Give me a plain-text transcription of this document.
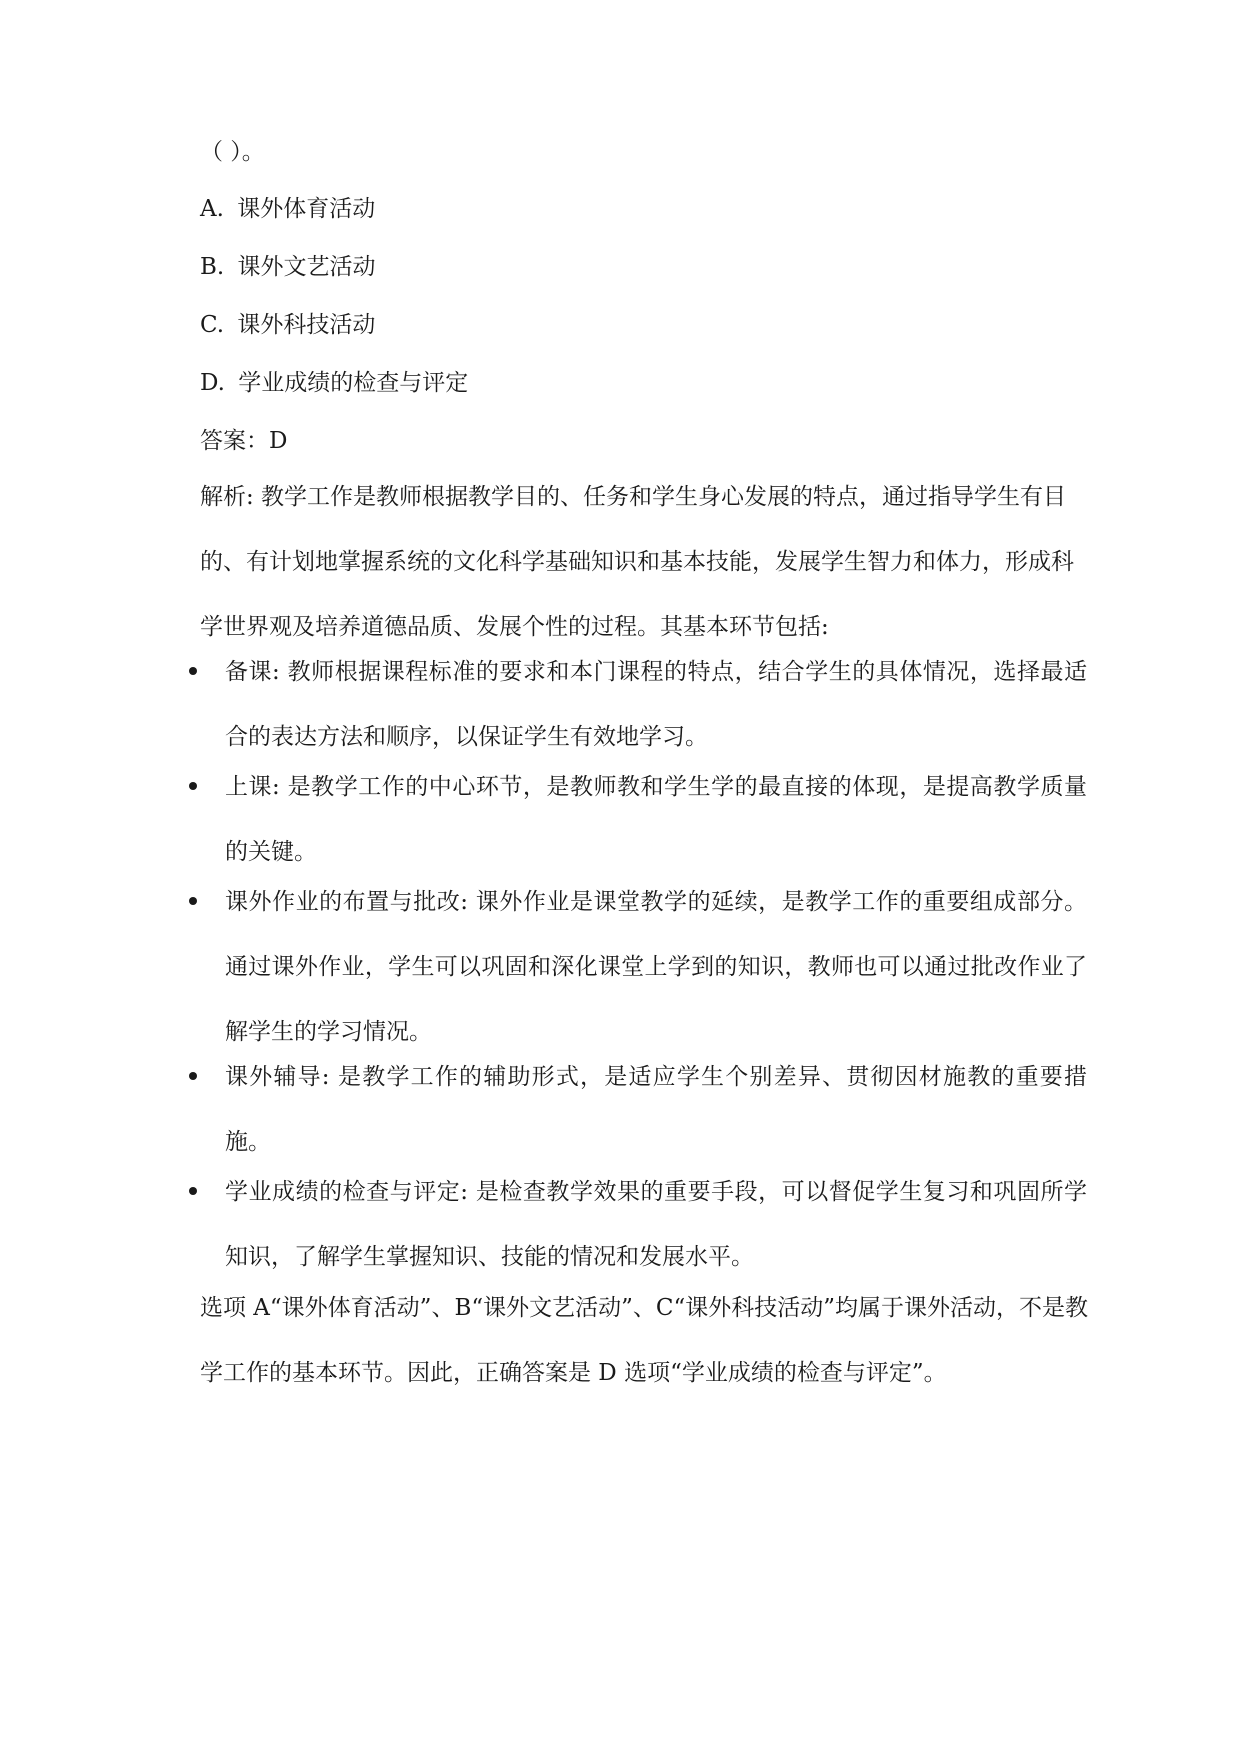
（ ）。
A. 课外体育活动
B. 课外文艺活动
C. 课外科技活动
D. 学业成绩的检查与评定
答案：D
解析: 教学工作是教师根据教学目的、任务和学生身心发展的特点，通过指导学生有目的、有计划地掌握系统的文化科学基础知识和基本技能，发展学生智力和体力，形成科学世界观及培养道德品质、发展个性的过程。其基本环节包括:
备课: 教师根据课程标准的要求和本门课程的特点，结合学生的具体情况，选择最适合的表达方法和顺序，以保证学生有效地学习。
上课: 是教学工作的中心环节，是教师教和学生学的最直接的体现，是提高教学质量的关键。
课外作业的布置与批改: 课外作业是课堂教学的延续，是教学工作的重要组成部分。通过课外作业，学生可以巩固和深化课堂上学到的知识，教师也可以通过批改作业了解学生的学习情况。
课外辅导: 是教学工作的辅助形式，是适应学生个别差异、贯彻因材施教的重要措施。
学业成绩的检查与评定: 是检查教学效果的重要手段，可以督促学生复习和巩固所学知识，了解学生掌握知识、技能的情况和发展水平。
选项 A“课外体育活动”、B“课外文艺活动”、C“课外科技活动”均属于课外活动，不是教学工作的基本环节。因此，正确答案是 D 选项“学业成绩的检查与评定”。
